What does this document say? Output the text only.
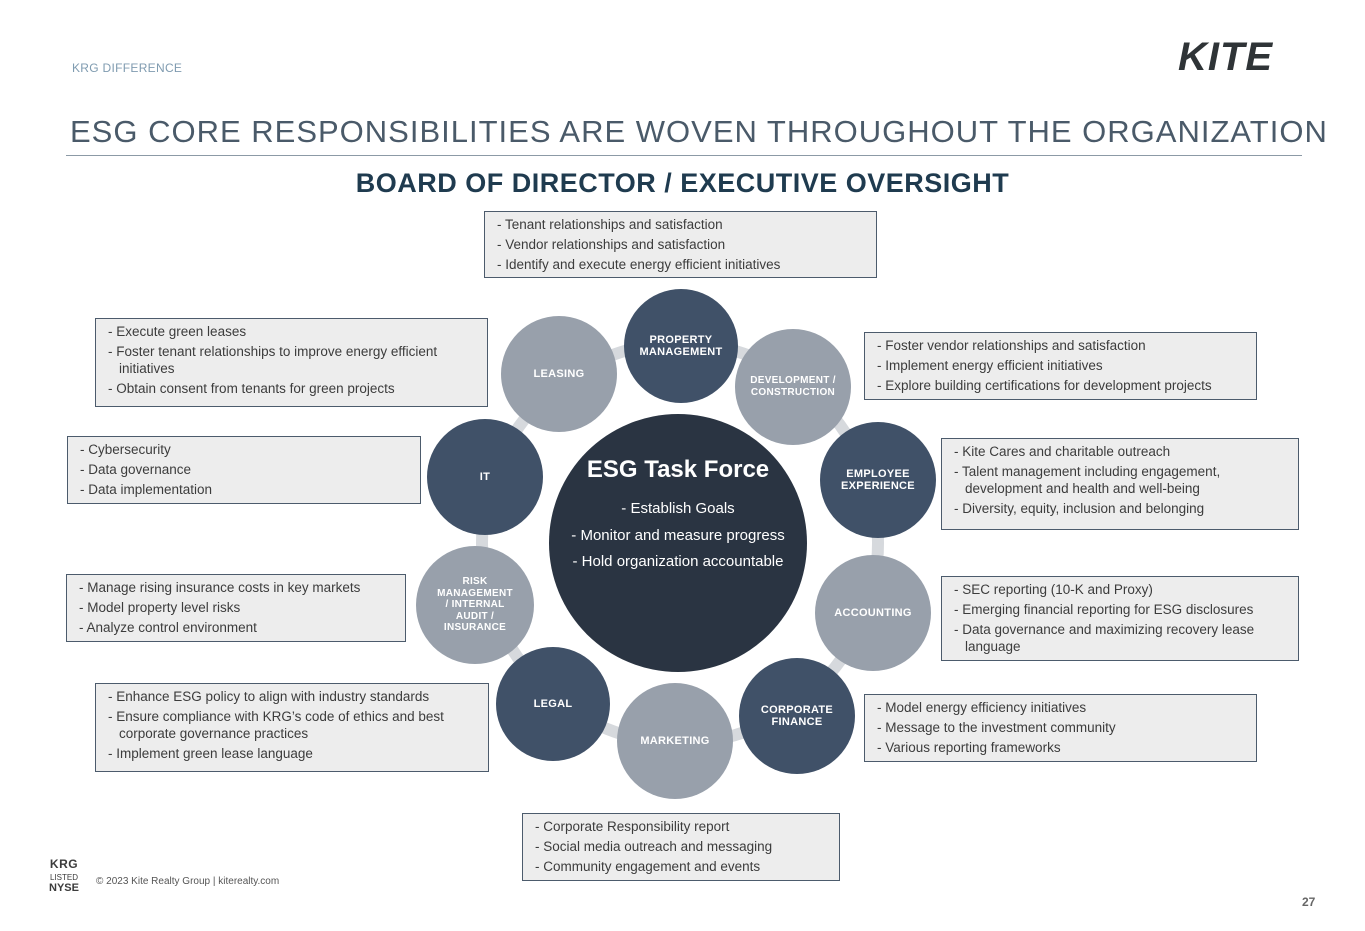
KRG DIFFERENCE	KITE
ESG CORE RESPONSIBILITIES ARE WOVEN THROUGHOUT THE ORGANIZATION
BOARD OF DIRECTOR / EXECUTIVE OVERSIGHT
PROPERTY
MANAGEMENT
DEVELOPMENT /
CONSTRUCTION
EMPLOYEE
EXPERIENCE
ACCOUNTING
CORPORATE
FINANCE
MARKETING
LEGAL
RISK
MANAGEMENT
/ INTERNAL
AUDIT /
INSURANCE
IT
LEASING
ESG Task Force
- Establish Goals
- Monitor and measure progress
- Hold organization accountable
- Tenant relationships and satisfaction
- Vendor relationships and satisfaction
- Identify and execute energy efficient initiatives
- Execute green leases
- Foster tenant relationships to improve energy efficient initiatives
- Obtain consent from tenants for green projects
- Foster vendor relationships and satisfaction
- Implement energy efficient initiatives
- Explore building certifications for development projects
- Cybersecurity
- Data governance
- Data implementation
- Kite Cares and charitable outreach
- Talent management including engagement, development and health and well-being
- Diversity, equity, inclusion and belonging
- Manage rising insurance costs in key markets
- Model property level risks
- Analyze control environment
- SEC reporting (10-K and Proxy)
- Emerging financial reporting for ESG disclosures
- Data governance and maximizing recovery lease language
- Enhance ESG policy to align with industry standards
- Ensure compliance with KRG’s code of ethics and best corporate governance practices
- Implement green lease language
- Model energy efficiency initiatives
- Message to the investment community
- Various reporting frameworks
- Corporate Responsibility report
- Social media outreach and messaging
- Community engagement and events
KRG
LISTED
NYSE
© 2023 Kite Realty Group | kiterealty.com
27
